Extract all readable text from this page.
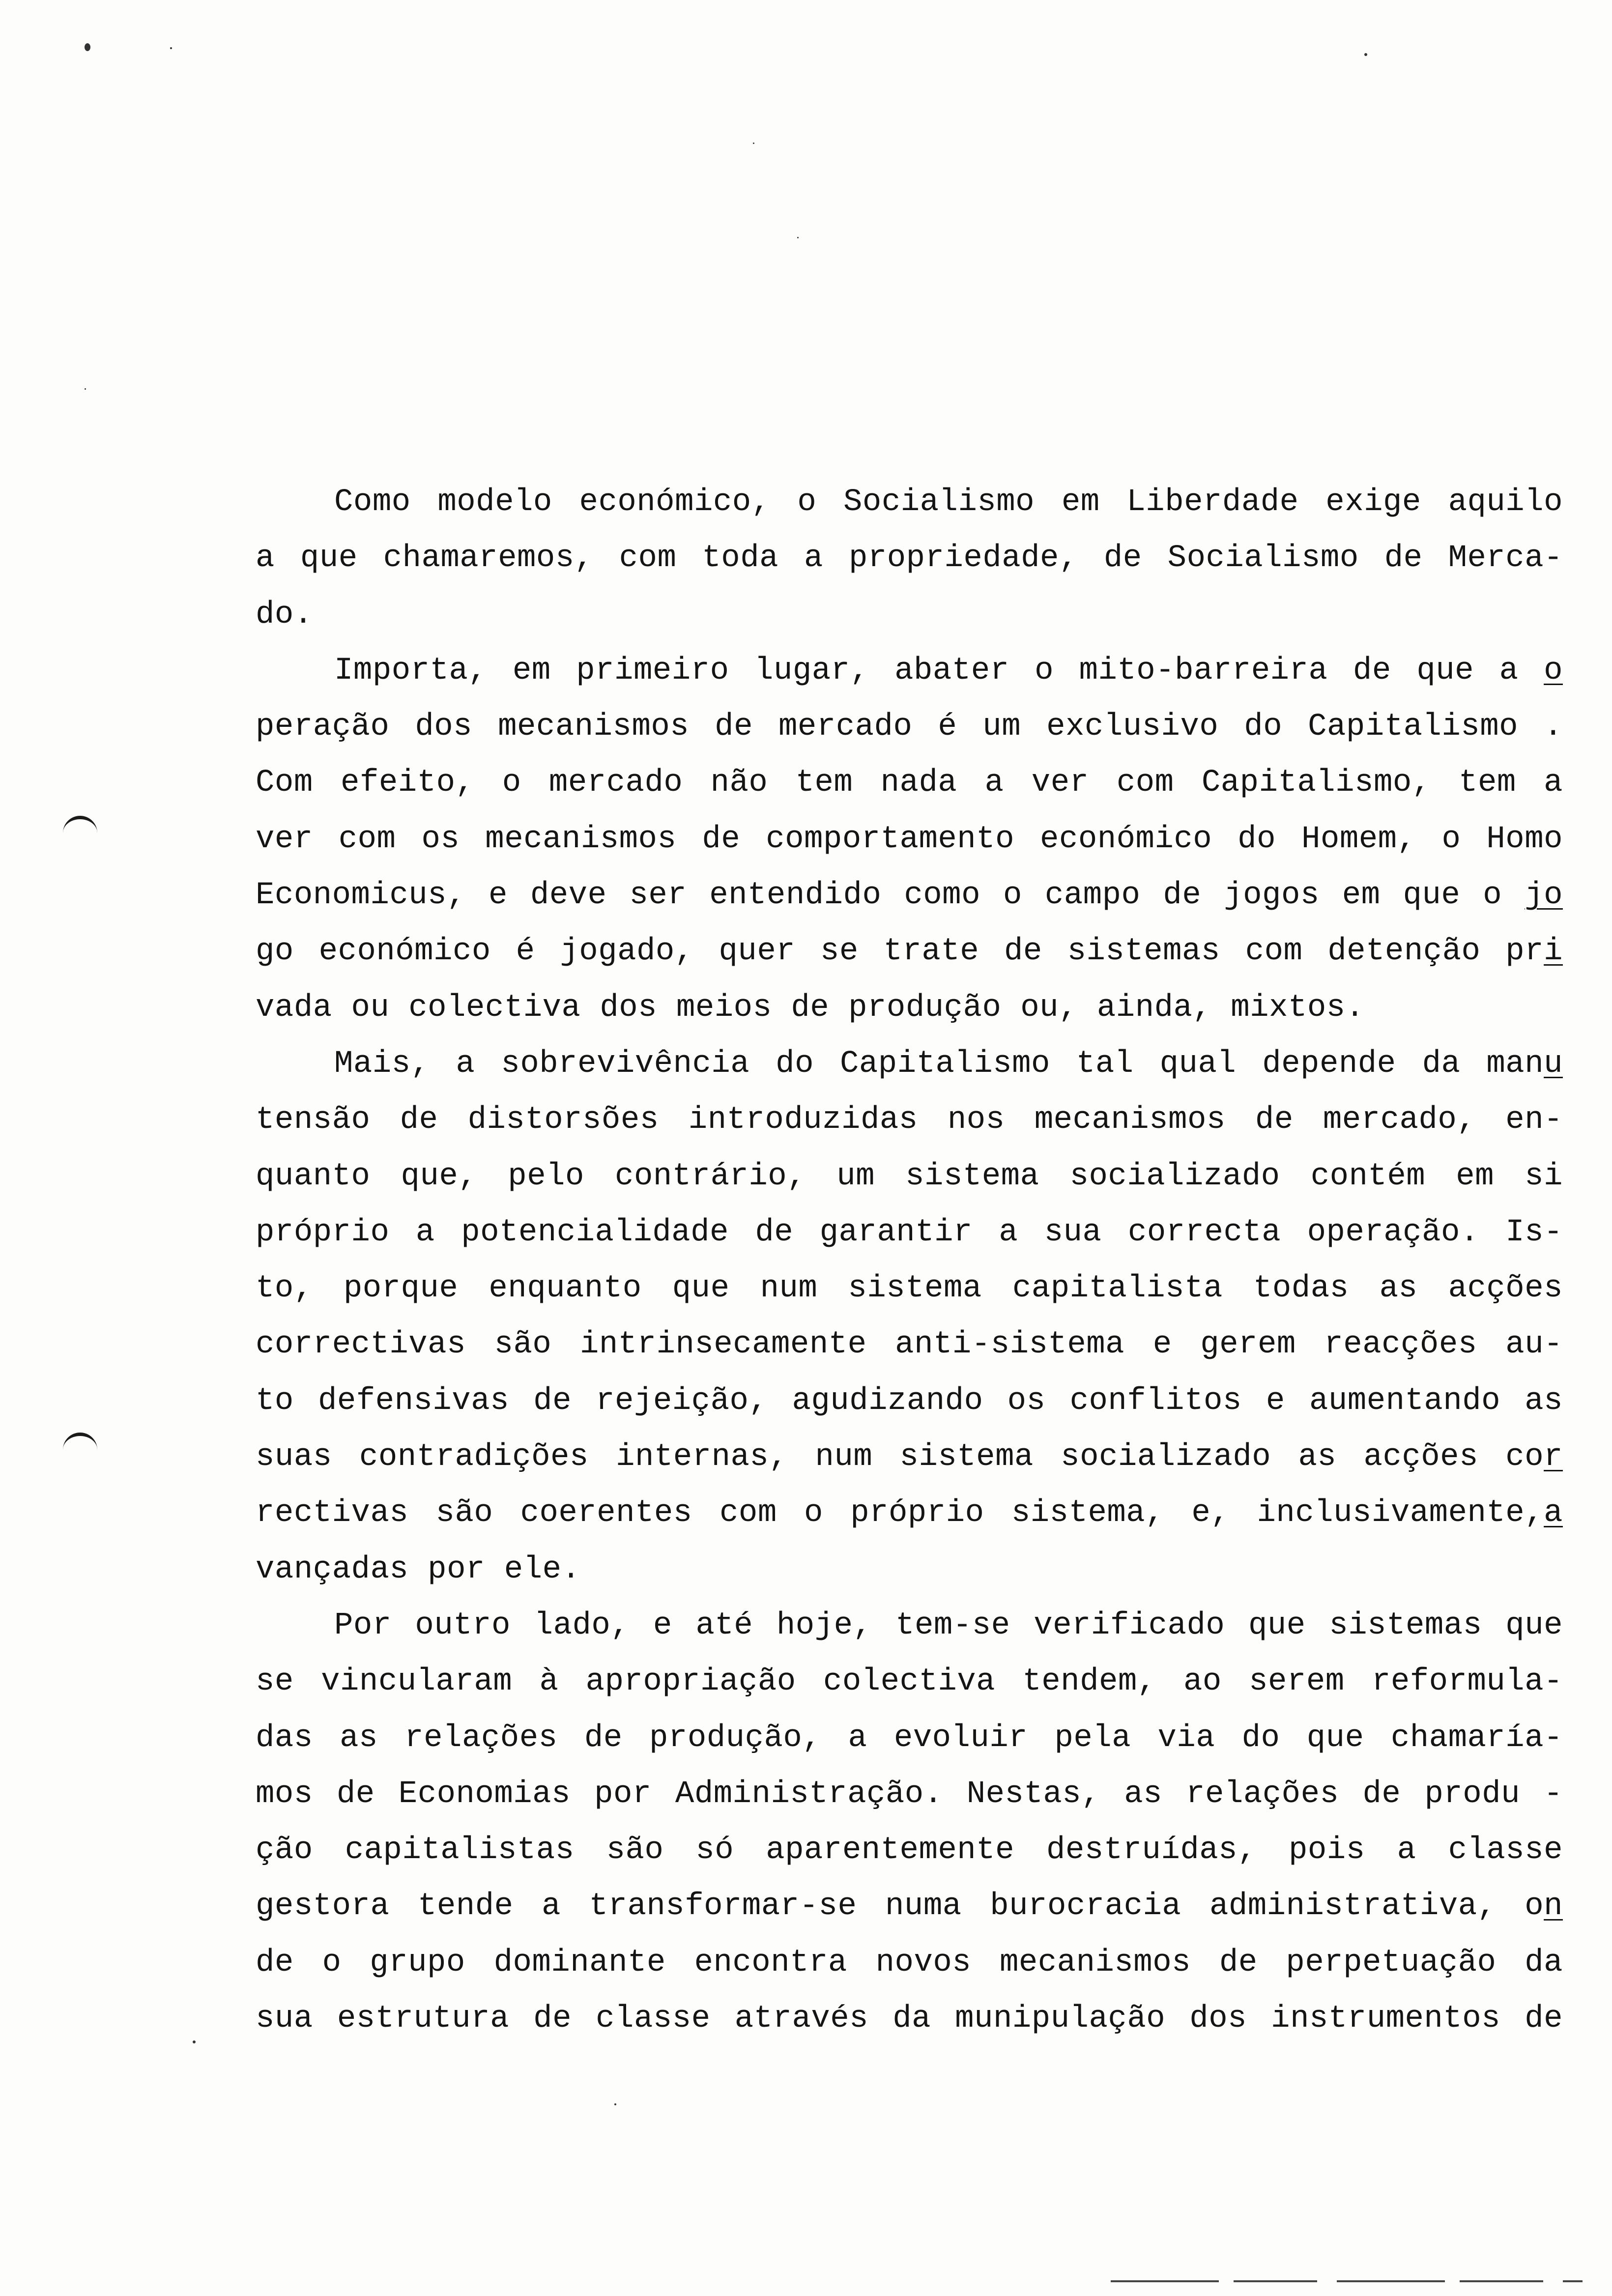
Como modelo económico, o Socialismo em Liberdade exige aquilo
a que chamaremos, com toda a propriedade, de Socialismo de Merca-
do.
Importa, em primeiro lugar, abater o mito-barreira de que a o
peração dos mecanismos de mercado é um exclusivo do Capitalismo .
Com efeito, o mercado não tem nada a ver com Capitalismo, tem a
ver com os mecanismos de comportamento económico do Homem, o Homo
Economicus, e deve ser entendido como o campo de jogos em que o jo
go económico é jogado, quer se trate de sistemas com detenção pri
vada ou colectiva dos meios de produção ou, ainda, mixtos.
Mais, a sobrevivência do Capitalismo tal qual depende da manu
tensão de distorsões introduzidas nos mecanismos de mercado, en-
quanto que, pelo contrário, um sistema socializado contém em si
próprio a potencialidade de garantir a sua correcta operação. Is-
to, porque enquanto que num sistema capitalista todas as acções
correctivas são intrinsecamente anti-sistema e gerem reacções au-
to defensivas de rejeição, agudizando os conflitos e aumentando as
suas contradições internas, num sistema socializado as acções cor
rectivas são coerentes com o próprio sistema, e, inclusivamente,a
vançadas por ele.
Por outro lado, e até hoje, tem-se verificado que sistemas que
se vincularam à apropriação colectiva tendem, ao serem reformula-
das as relações de produção, a evoluir pela via do que chamaría-
mos de Economias por Administração. Nestas, as relações de produ -
ção capitalistas são só aparentemente destruídas, pois a classe
gestora tende a transformar-se numa burocracia administrativa, on
de o grupo dominante encontra novos mecanismos de perpetuação da
sua estrutura de classe através da munipulação dos instrumentos de
